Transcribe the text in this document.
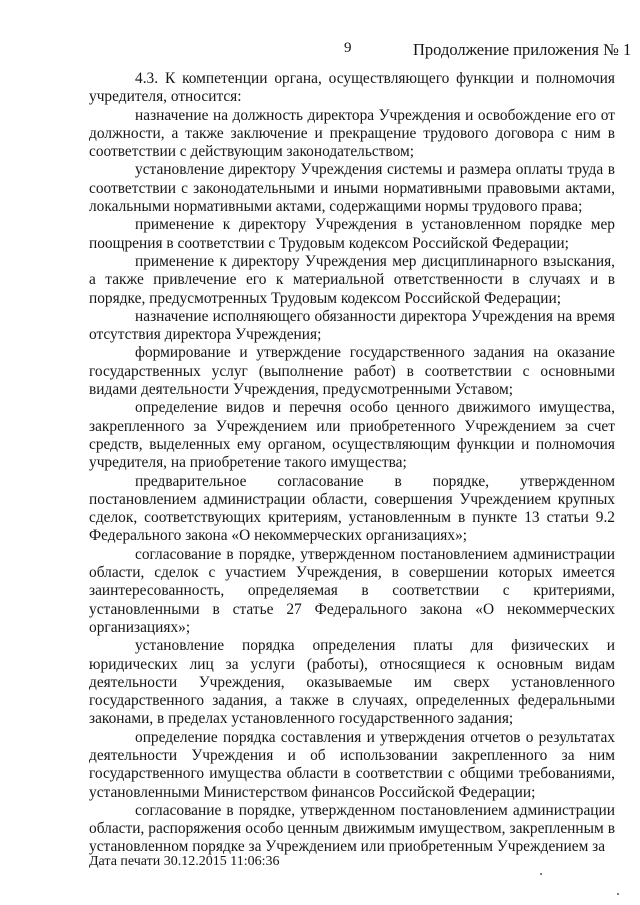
9	Продолжение приложения № 1

4.3. К компетенции органа, осуществляющего функции и полномочия учредителя, относится:

назначение на должность директора Учреждения и освобождение его от должности, а также заключение и прекращение трудового договора с ним в соответствии с действующим законодательством;

установление директору Учреждения системы и размера оплаты труда в соответствии с законодательными и иными нормативными правовыми актами, локальными нормативными актами, содержащими нормы трудового права;

применение к директору Учреждения в установленном порядке мер поощрения в соответствии с Трудовым кодексом Российской Федерации;

применение к директору Учреждения мер дисциплинарного взыскания, а также привлечение его к материальной ответственности в случаях и в порядке, предусмотренных Трудовым кодексом Российской Федерации;

назначение исполняющего обязанности директора Учреждения на время отсутствия директора Учреждения;

формирование и утверждение государственного задания на оказание государственных услуг (выполнение работ) в соответствии с основными видами деятельности Учреждения, предусмотренными Уставом;

определение видов и перечня особо ценного движимого имущества, закрепленного за Учреждением или приобретенного Учреждением за счет средств, выделенных ему органом, осуществляющим функции и полномочия учредителя, на приобретение такого имущества;

предварительное согласование в порядке, утвержденном постановлением администрации области, совершения Учреждением крупных сделок, соответствующих критериям, установленным в пункте 13 статьи 9.2 Федерального закона «О некоммерческих организациях»;

согласование в порядке, утвержденном постановлением администрации области, сделок с участием Учреждения, в совершении которых имеется заинтересованность, определяемая в соответствии с критериями, установленными в статье 27 Федерального закона «О некоммерческих организациях»;

установление порядка определения платы для физических и юридических лиц за услуги (работы), относящиеся к основным видам деятельности Учреждения, оказываемые им сверх установленного государственного задания, а также в случаях, определенных федеральными законами, в пределах установленного государственного задания;

определение порядка составления и утверждения отчетов о результатах деятельности Учреждения и об использовании закрепленного за ним государственного имущества области в соответствии с общими требованиями, установленными Министерством финансов Российской Федерации;

согласование в порядке, утвержденном постановлением администрации области, распоряжения особо ценным движимым имуществом, закрепленным в установленном порядке за Учреждением или приобретенным Учреждением за

Дата печати 30.12.2015 11:06:36
